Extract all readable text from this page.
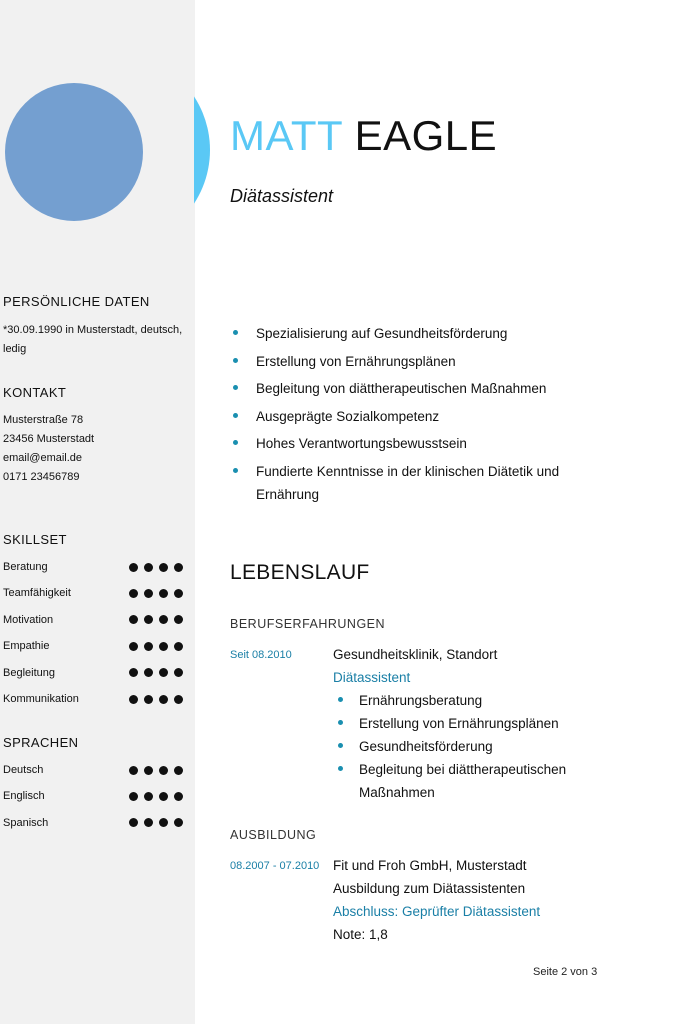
PERSÖNLICHE DATEN
*30.09.1990 in Musterstadt, deutsch,
ledig
KONTAKT
Musterstraße 78
23456 Musterstadt
email@email.de
0171 23456789
SKILLSET
Beratung
Teamfähigkeit
Motivation
Empathie
Begleitung
Kommunikation
SPRACHEN
Deutsch
Englisch
Spanisch
MATT EAGLE
Diätassistent
Spezialisierung auf Gesundheitsförderung
Erstellung von Ernährungsplänen
Begleitung von diättherapeutischen Maßnahmen
Ausgeprägte Sozialkompetenz
Hohes Verantwortungsbewusstsein
Fundierte Kenntnisse in der klinischen Diätetik und Ernährung
LEBENSLAUF
BERUFSERFAHRUNGEN
Seit 08.2010	Gesundheitsklinik, Standort
Diätassistent
Ernährungsberatung
Erstellung von Ernährungsplänen
Gesundheitsförderung
Begleitung bei diättherapeutischen Maßnahmen
AUSBILDUNG
08.2007 - 07.2010 Fit und Froh GmbH, Musterstadt
Ausbildung zum Diätassistenten
Abschluss: Geprüfter Diätassistent
Note: 1,8
Seite 2 von 3
